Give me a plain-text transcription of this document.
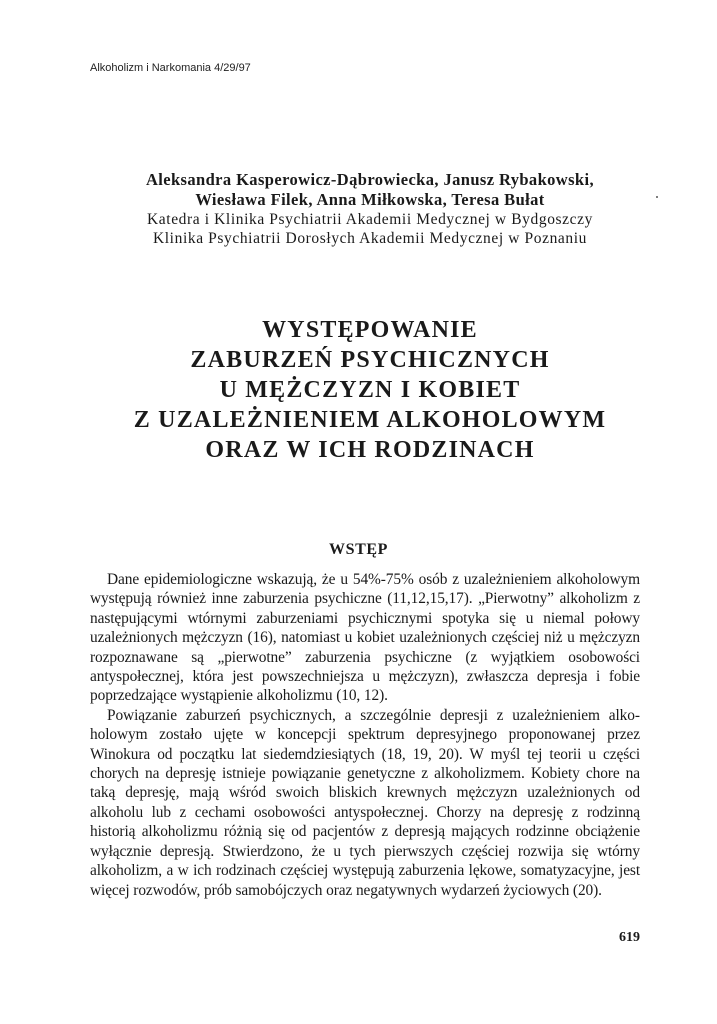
Alkoholizm i Narkomania 4/29/97

Aleksandra Kasperowicz-Dąbrowiecka, Janusz Rybakowski,

Wiesława Filek, Anna Miłkowska, Teresa Bułat

Katedra i Klinika Psychiatrii Akademii Medycznej w Bydgoszczy

Klinika Psychiatrii Dorosłych Akademii Medycznej w Poznaniu

WYSTĘPOWANIE

ZABURZEŃ PSYCHICZNYCH

U MĘŻCZYZN I KOBIET

Z UZALEŻNIENIEM ALKOHOLOWYM

ORAZ W ICH RODZINACH

WSTĘP

Dane epidemiologiczne wskazują, że u 54%-75% osób z uzależnieniem alkoholowym występują również inne zaburzenia psychiczne (11,12,15,17). „Pierwotny” alkoholizm z następującymi wtórnymi zaburzeniami psychicznymi spotyka się u niemal połowy uzależnionych mężczyzn (16), natomiast u kobiet uzależnionych częściej niż u mężczyzn rozpoznawane są „pierwotne” zaburzenia psychiczne (z wyjątkiem osobowości antyspołecznej, która jest powszechniejsza u mężczyzn), zwłaszcza depresja i fobie poprzedzające wystąpienie alkoholizmu (10, 12).

Powiązanie zaburzeń psychicznych, a szczególnie depresji z uzależnieniem alkoholowym zostało ujęte w koncepcji spektrum depresyjnego proponowanej przez Winokura od początku lat siedemdziesiątych (18, 19, 20). W myśl tej teorii u części chorych na depresję istnieje powiązanie genetyczne z alkoholizmem. Kobiety chore na taką depresję, mają wśród swoich bliskich krewnych mężczyzn uzależnionych od alkoholu lub z cechami osobowości antyspołecznej. Chorzy na depresję z rodzinną historią alkoholizmu różnią się od pacjentów z depresją mających rodzinne obciążenie wyłącznie depresją. Stwierdzono, że u tych pierwszych częściej rozwija się wtórny alkoholizm, a w ich rodzinach częściej występują zaburzenia lękowe, somatyzacyjne, jest więcej rozwodów, prób samobójczych oraz negatywnych wydarzeń życiowych (20).

619
